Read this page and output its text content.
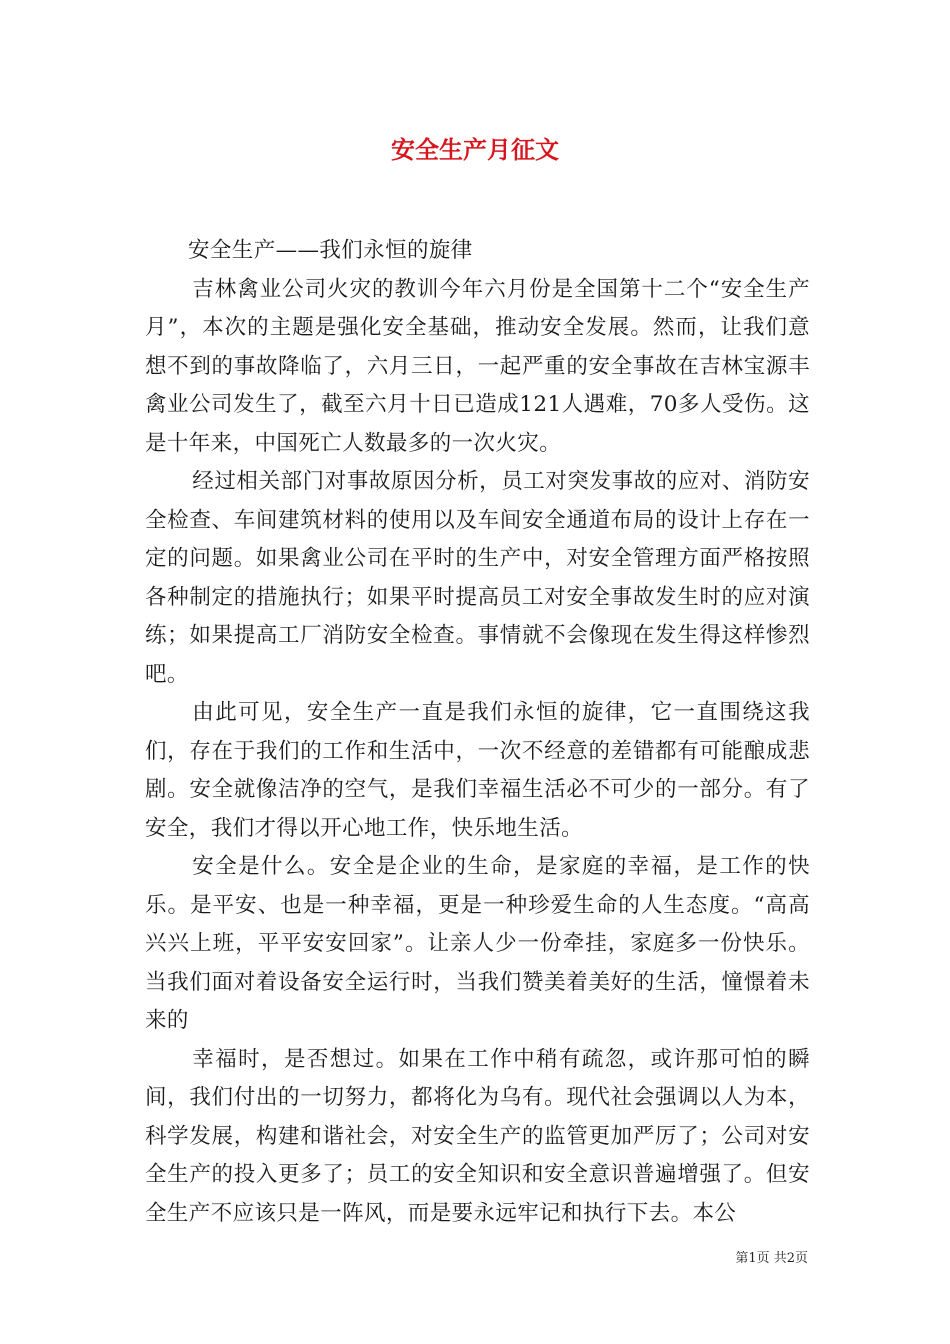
安全生产月征文

安全生产——我们永恒的旋律

吉林禽业公司火灾的教训今年六月份是全国第十二个“安全生产月”，本次的主题是强化安全基础，推动安全发展。然而，让我们意想不到的事故降临了，六月三日，一起严重的安全事故在吉林宝源丰禽业公司发生了，截至六月十日已造成121人遇难，70多人受伤。这是十年来，中国死亡人数最多的一次火灾。

经过相关部门对事故原因分析，员工对突发事故的应对、消防安全检查、车间建筑材料的使用以及车间安全通道布局的设计上存在一定的问题。如果禽业公司在平时的生产中，对安全管理方面严格按照各种制定的措施执行；如果平时提高员工对安全事故发生时的应对演练；如果提高工厂消防安全检查。事情就不会像现在发生得这样惨烈吧。

由此可见，安全生产一直是我们永恒的旋律，它一直围绕这我们，存在于我们的工作和生活中，一次不经意的差错都有可能酿成悲剧。安全就像洁净的空气，是我们幸福生活必不可少的一部分。有了安全，我们才得以开心地工作，快乐地生活。

安全是什么。安全是企业的生命，是家庭的幸福，是工作的快乐。是平安、也是一种幸福，更是一种珍爱生命的人生态度。“高高兴兴上班，平平安安回家”。让亲人少一份牵挂，家庭多一份快乐。当我们面对着设备安全运行时，当我们赞美着美好的生活，憧憬着未来的

幸福时，是否想过。如果在工作中稍有疏忽，或许那可怕的瞬间，我们付出的一切努力，都将化为乌有。现代社会强调以人为本，科学发展，构建和谐社会，对安全生产的监管更加严厉了；公司对安全生产的投入更多了；员工的安全知识和安全意识普遍增强了。但安全生产不应该只是一阵风，而是要永远牢记和执行下去。本公

第1页 共2页
